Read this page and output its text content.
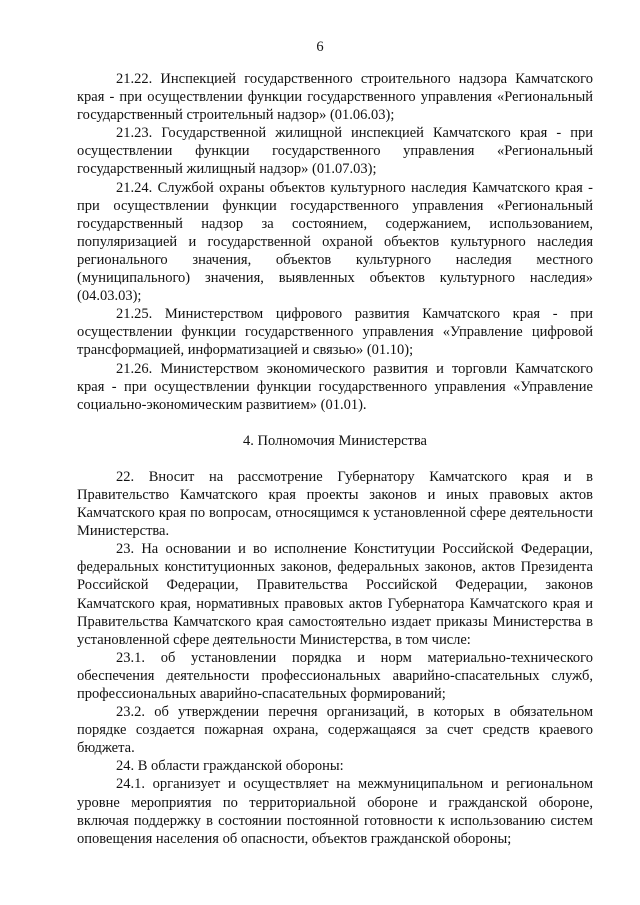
6

21.22. Инспекцией государственного строительного надзора Камчатского края - при осуществлении функции государственного управления «Региональный государственный строительный надзор» (01.06.03);

21.23. Государственной жилищной инспекцией Камчатского края - при осуществлении функции государственного управления «Региональный государственный жилищный надзор» (01.07.03);

21.24. Службой охраны объектов культурного наследия Камчатского края - при осуществлении функции государственного управления «Региональный государственный надзор за состоянием, содержанием, использованием, популяризацией и государственной охраной объектов культурного наследия регионального значения, объектов культурного наследия местного (муниципального) значения, выявленных объектов культурного наследия» (04.03.03);

21.25. Министерством цифрового развития Камчатского края - при осуществлении функции государственного управления «Управление цифровой трансформацией, информатизацией и связью» (01.10);

21.26. Министерством экономического развития и торговли Камчатского края - при осуществлении функции государственного управления «Управление социально-экономическим развитием» (01.01).

4. Полномочия Министерства

22. Вносит на рассмотрение Губернатору Камчатского края и в Правительство Камчатского края проекты законов и иных правовых актов Камчатского края по вопросам, относящимся к установленной сфере деятельности Министерства.

23. На основании и во исполнение Конституции Российской Федерации, федеральных конституционных законов, федеральных законов, актов Президента Российской Федерации, Правительства Российской Федерации, законов Камчатского края, нормативных правовых актов Губернатора Камчатского края и Правительства Камчатского края самостоятельно издает приказы Министерства в установленной сфере деятельности Министерства, в том числе:

23.1. об установлении порядка и норм материально-технического обеспечения деятельности профессиональных аварийно-спасательных служб, профессиональных аварийно-спасательных формирований;

23.2. об утверждении перечня организаций, в которых в обязательном порядке создается пожарная охрана, содержащаяся за счет средств краевого бюджета.

24. В области гражданской обороны:

24.1. организует и осуществляет на межмуниципальном и региональном уровне мероприятия по территориальной обороне и гражданской обороне, включая поддержку в состоянии постоянной готовности к использованию систем оповещения населения об опасности, объектов гражданской обороны;
